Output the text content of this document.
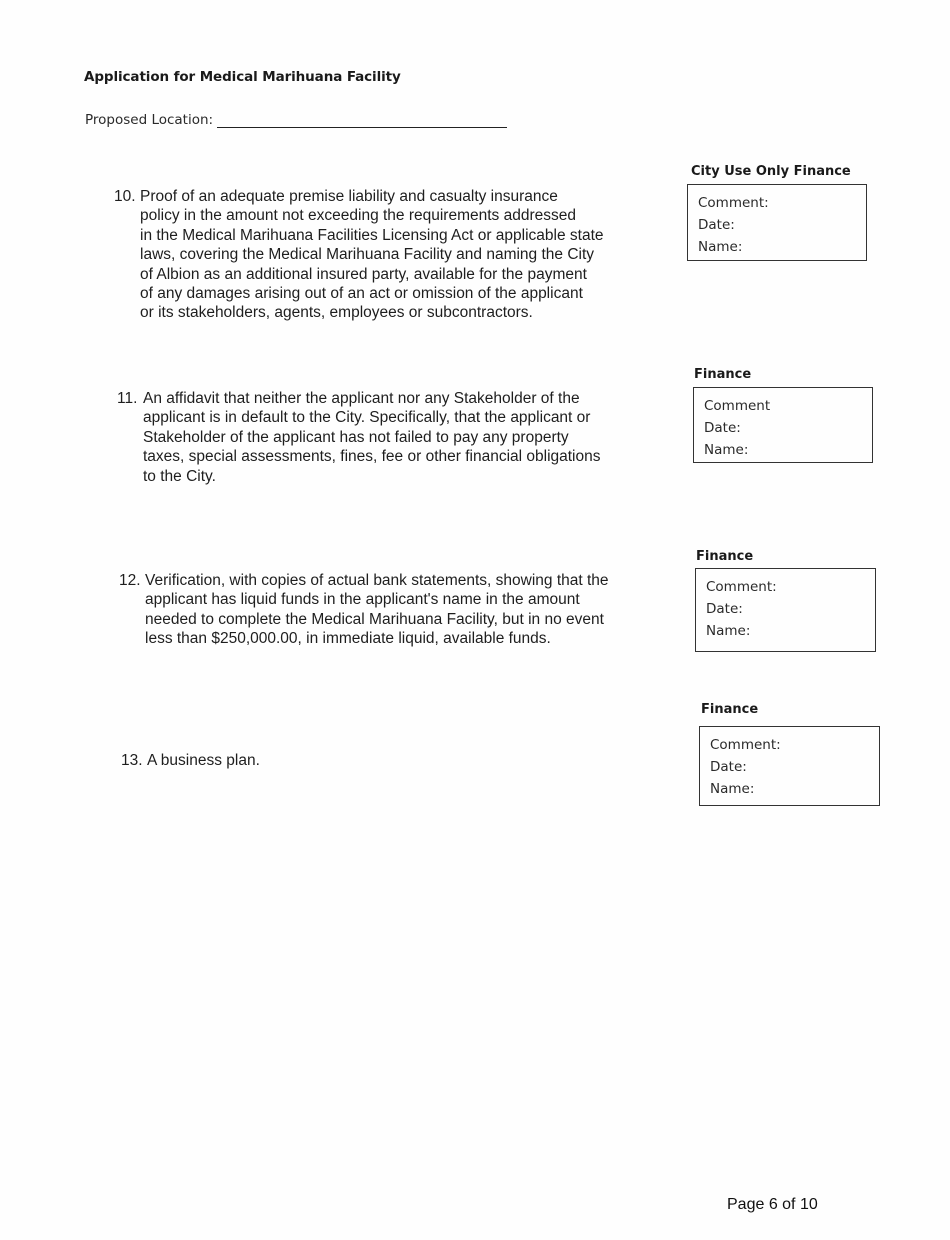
Application for Medical Marihuana Facility
Proposed Location:
10. Proof of an adequate premise liability and casualty insurance
policy in the amount not exceeding the requirements addressed
in the Medical Marihuana Facilities Licensing Act or applicable state
laws, covering the Medical Marihuana Facility and naming the City
of Albion as an additional insured party, available for the payment
of any damages arising out of an act or omission of the applicant
or its stakeholders, agents, employees or subcontractors.
11. An affidavit that neither the applicant nor any Stakeholder of the
applicant is in default to the City. Specifically, that the applicant or
Stakeholder of the applicant has not failed to pay any property
taxes, special assessments, fines, fee or other financial obligations
to the City.
12. Verification, with copies of actual bank statements, showing that the
applicant has liquid funds in the applicant's name in the amount
needed to complete the Medical Marihuana Facility, but in no event
less than $250,000.00, in immediate liquid, available funds.
13. A business plan.
City Use Only Finance
Comment:
Date:
Name:
Finance
Comment
Date:
Name:
Finance
Comment:
Date:
Name:
Finance
Comment:
Date:
Name:
Page 6 of 10
